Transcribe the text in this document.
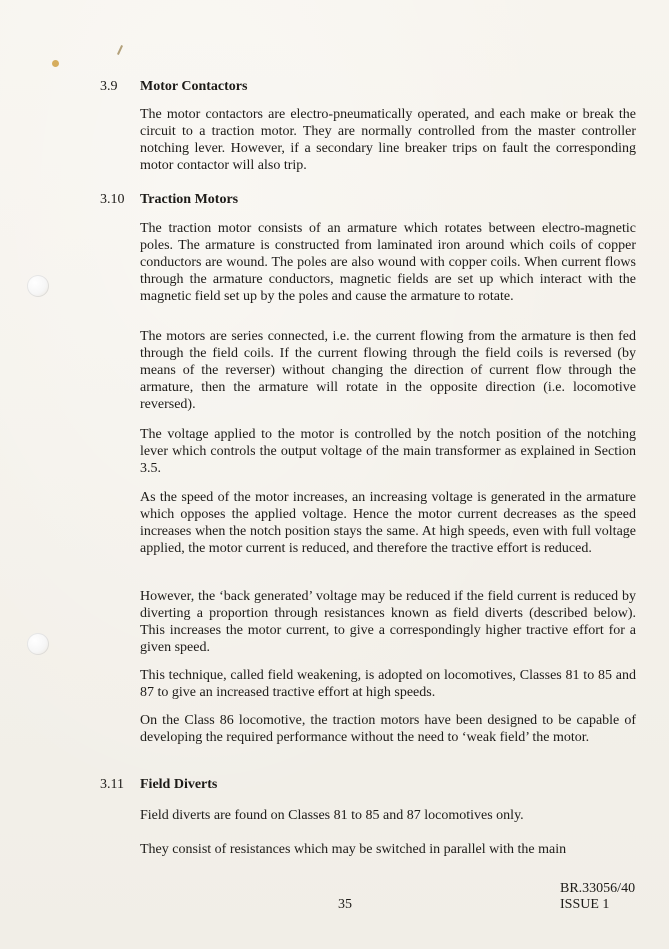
3.9 Motor Contactors

The motor contactors are electro-pneumatically operated, and each make or break the circuit to a traction motor. They are normally controlled from the master controller notching lever. However, if a secondary line breaker trips on fault the corresponding motor contactor will also trip.

3.10 Traction Motors

The traction motor consists of an armature which rotates between electro-magnetic poles. The armature is constructed from laminated iron around which coils of copper conductors are wound. The poles are also wound with copper coils. When current flows through the armature conductors, magnetic fields are set up which interact with the magnetic field set up by the poles and cause the armature to rotate.

The motors are series connected, i.e. the current flowing from the armature is then fed through the field coils. If the current flowing through the field coils is reversed (by means of the reverser) without changing the direction of current flow through the armature, then the armature will rotate in the opposite direction (i.e. locomotive reversed).

The voltage applied to the motor is controlled by the notch position of the notching lever which controls the output voltage of the main transformer as explained in Section 3.5.

As the speed of the motor increases, an increasing voltage is generated in the armature which opposes the applied voltage. Hence the motor current decreases as the speed increases when the notch position stays the same. At high speeds, even with full voltage applied, the motor current is reduced, and therefore the tractive effort is reduced.

However, the ‘back generated’ voltage may be reduced if the field current is reduced by diverting a proportion through resistances known as field diverts (described below). This increases the motor current, to give a correspondingly higher tractive effort for a given speed.

This technique, called field weakening, is adopted on locomotives, Classes 81 to 85 and 87 to give an increased tractive effort at high speeds.

On the Class 86 locomotive, the traction motors have been designed to be capable of developing the required performance without the need to ‘weak field’ the motor.

3.11 Field Diverts

Field diverts are found on Classes 81 to 85 and 87 locomotives only.

They consist of resistances which may be switched in parallel with the main

35
BR.33056/40
ISSUE 1
